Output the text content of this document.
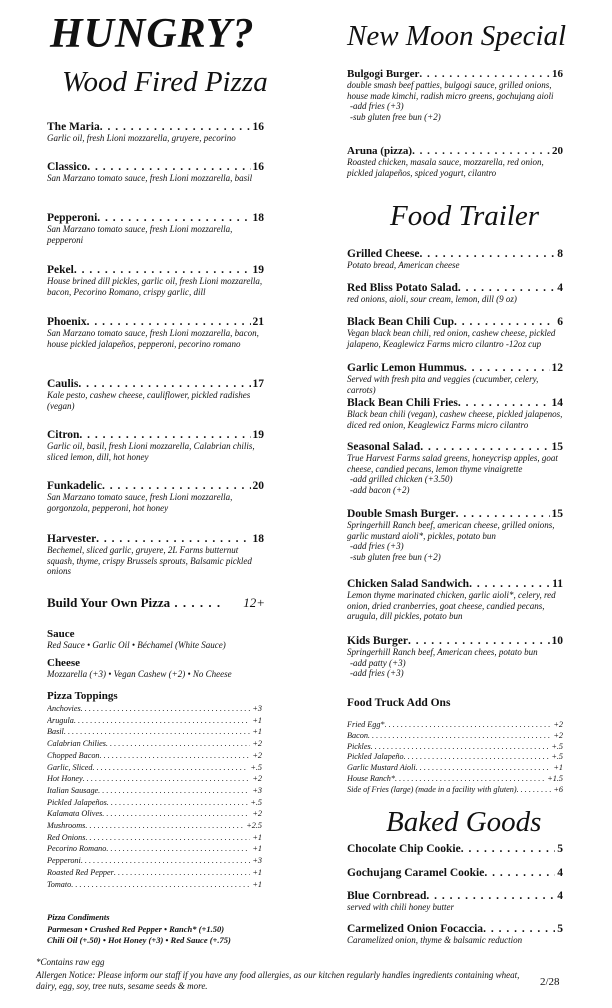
HUNGRY?
Wood Fired Pizza
The Maria . . .	16
Garlic oil, fresh Lioni mozzarella, gruyere, pecorino
Classico . . .	16
San Marzano tomato sauce, fresh Lioni mozzarella, basil
Pepperoni . . .	18
San Marzano tomato sauce, fresh Lioni mozzarella, pepperoni
Pekel . . .	19
House brined dill pickles, garlic oil, fresh Lioni mozzarella, bacon, Pecorino Romano, crispy garlic, dill
Phoenix . . .	21
San Marzano tomato sauce, fresh Lioni mozzarella, bacon, house pickled jalapeños, pepperoni, pecorino romano
Caulis . . .	17
Kale pesto, cashew cheese, cauliflower, pickled radishes (vegan)
Citron . . .	19
Garlic oil, basil, fresh Lioni mozzarella, Calabrian chilis, sliced lemon, dill, hot honey
Funkadelic . . .	20
San Marzano tomato sauce, fresh Lioni mozzarella, gorgonzola, pepperoni, hot honey
Harvester . . .	18
Bechemel, sliced garlic, gruyere, 2L Farms butternut squash, thyme, crispy Brussels sprouts, Balsamic pickled onions
Build Your Own Pizza . . . . . .	12+
Sauce
Red Sauce • Garlic Oil • Béchamel (White Sauce)
Cheese
Mozzarella (+3) • Vegan Cashew (+2) • No Cheese
Pizza Toppings
Anchovies . . .	+3
Arugula . . .	+1
Basil . . .	+1
Calabrian Chilies . . .	+2
Chopped Bacon . . .	+2
Garlic, Sliced . . .	+.5
Hot Honey . . .	+2
Italian Sausage . . .	+3
Pickled Jalapeños . . .	+.5
Kalamata Olives . . .	+2
Mushrooms . . .	+2.5
Red Onions . . .	+1
Pecorino Romano . . .	+1
Pepperoni . . .	+3
Roasted Red Pepper . . .	+1
Tomato . . .	+1
Pizza Condiments
Parmesan • Crushed Red Pepper • Ranch* (+1.50)
Chili Oil (+.50) • Hot Honey (+3) • Red Sauce (+.75)
New Moon Special
Bulgogi Burger . . .	16
double smash beef patties, bulgogi sauce, grilled onions, house made kimchi, radish micro greens, gochujang aioli
-add fries (+3)
-sub gluten free bun (+2)
Aruna (pizza) . . .	20
Roasted chicken, masala sauce, mozzarella, red onion, pickled jalapeños, spiced yogurt, cilantro
Food Trailer
Grilled Cheese . . .	8
Potato bread, American cheese
Red Bliss Potato Salad . . .	4
red onions, aioli, sour cream, lemon, dill (9 oz)
Black Bean Chili Cup . . .	6
Vegan black bean chili, red onion, cashew cheese, pickled jalapeno, Keaglewicz Farms micro cilantro -12oz cup
Garlic Lemon Hummus . . .	12
Served with fresh pita and veggies (cucumber, celery, carrots)
Black Bean Chili Fries . . .	14
Black bean chili (vegan), cashew cheese, pickled jalapenos, diced red onion, Keaglewicz Farms micro cilantro
Seasonal Salad . . .	15
True Harvest Farms salad greens, honeycrisp apples, goat cheese, candied pecans, lemon thyme vinaigrette
-add grilled chicken (+3.50)
-add bacon (+2)
Double Smash Burger . . .	15
Springerhill Ranch beef, american cheese, grilled onions, garlic mustard aioli*, pickles, potato bun
-add fries (+3)
-sub gluten free bun (+2)
Chicken Salad Sandwich . . .	11
Lemon thyme marinated chicken, garlic aioli*, celery, red onion, dried cranberries, goat cheese, candied pecans, arugula, dill pickles, potato bun
Kids Burger . . .	10
Springerhill Ranch beef, American chees, potato bun
-add patty (+3)
-add fries (+3)
Food Truck Add Ons
Fried Egg* . . .	+2
Bacon . . .	+2
Pickles . . .	+.5
Pickled Jalapeño . . .	+.5
Garlic Mustard Aioli . . .	+1
House Ranch* . . .	+1.5
Side of Fries (large) (made in a facility with gluten) . . .	+6
Baked Goods
Chocolate Chip Cookie . . .	5
Gochujang Caramel Cookie . . .	4
Blue Cornbread . . .	4
served with chili honey butter
Carmelized Onion Focaccia . . .	5
Caramelized onion, thyme & balsamic reduction
*Contains raw egg
Allergen Notice: Please inform our staff if you have any food allergies, as our kitchen regularly handles ingredients containing wheat, dairy, egg, soy, tree nuts, sesame seeds & more.	2/28
